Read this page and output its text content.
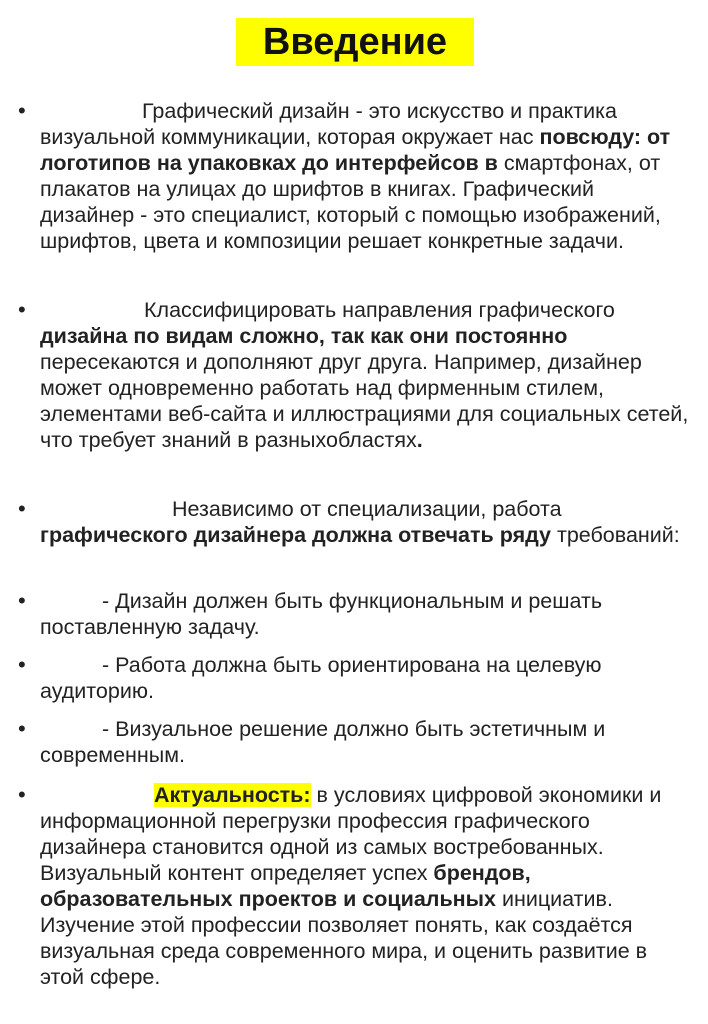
Введение
•	Графический дизайн - это искусство и практика визуальной коммуникации, которая окружает нас повсюду: от логотипов на упаковках до интерфейсов в смартфонах, от плакатов на улицах до шрифтов в книгах. Графический дизайнер - это специалист, который с помощью изображений, шрифтов, цвета и композиции решает конкретные задачи.

•	Классифицировать направления графического дизайна по видам сложно, так как они постоянно пересекаются и дополняют друг друга. Например, дизайнер может одновременно работать над фирменным стилем, элементами веб-сайта и иллюстрациями для социальных сетей, что требует знаний в разныхобластях.

•	Независимо от специализации, работа графического дизайнера должна отвечать ряду требований:

•	- Дизайн должен быть функциональным и решать поставленную задачу.

•	- Работа должна быть ориентирована на целевую аудиторию.

•	- Визуальное решение должно быть эстетичным и современным.

•	Актуальность: в условиях цифровой экономики и информационной перегрузки профессия графического дизайнера становится одной из самых востребованных. Визуальный контент определяет успех брендов, образовательных проектов и социальных инициатив. Изучение этой профессии позволяет понять, как создаётся визуальная среда современного мира, и оценить развитие в этой сфере.
